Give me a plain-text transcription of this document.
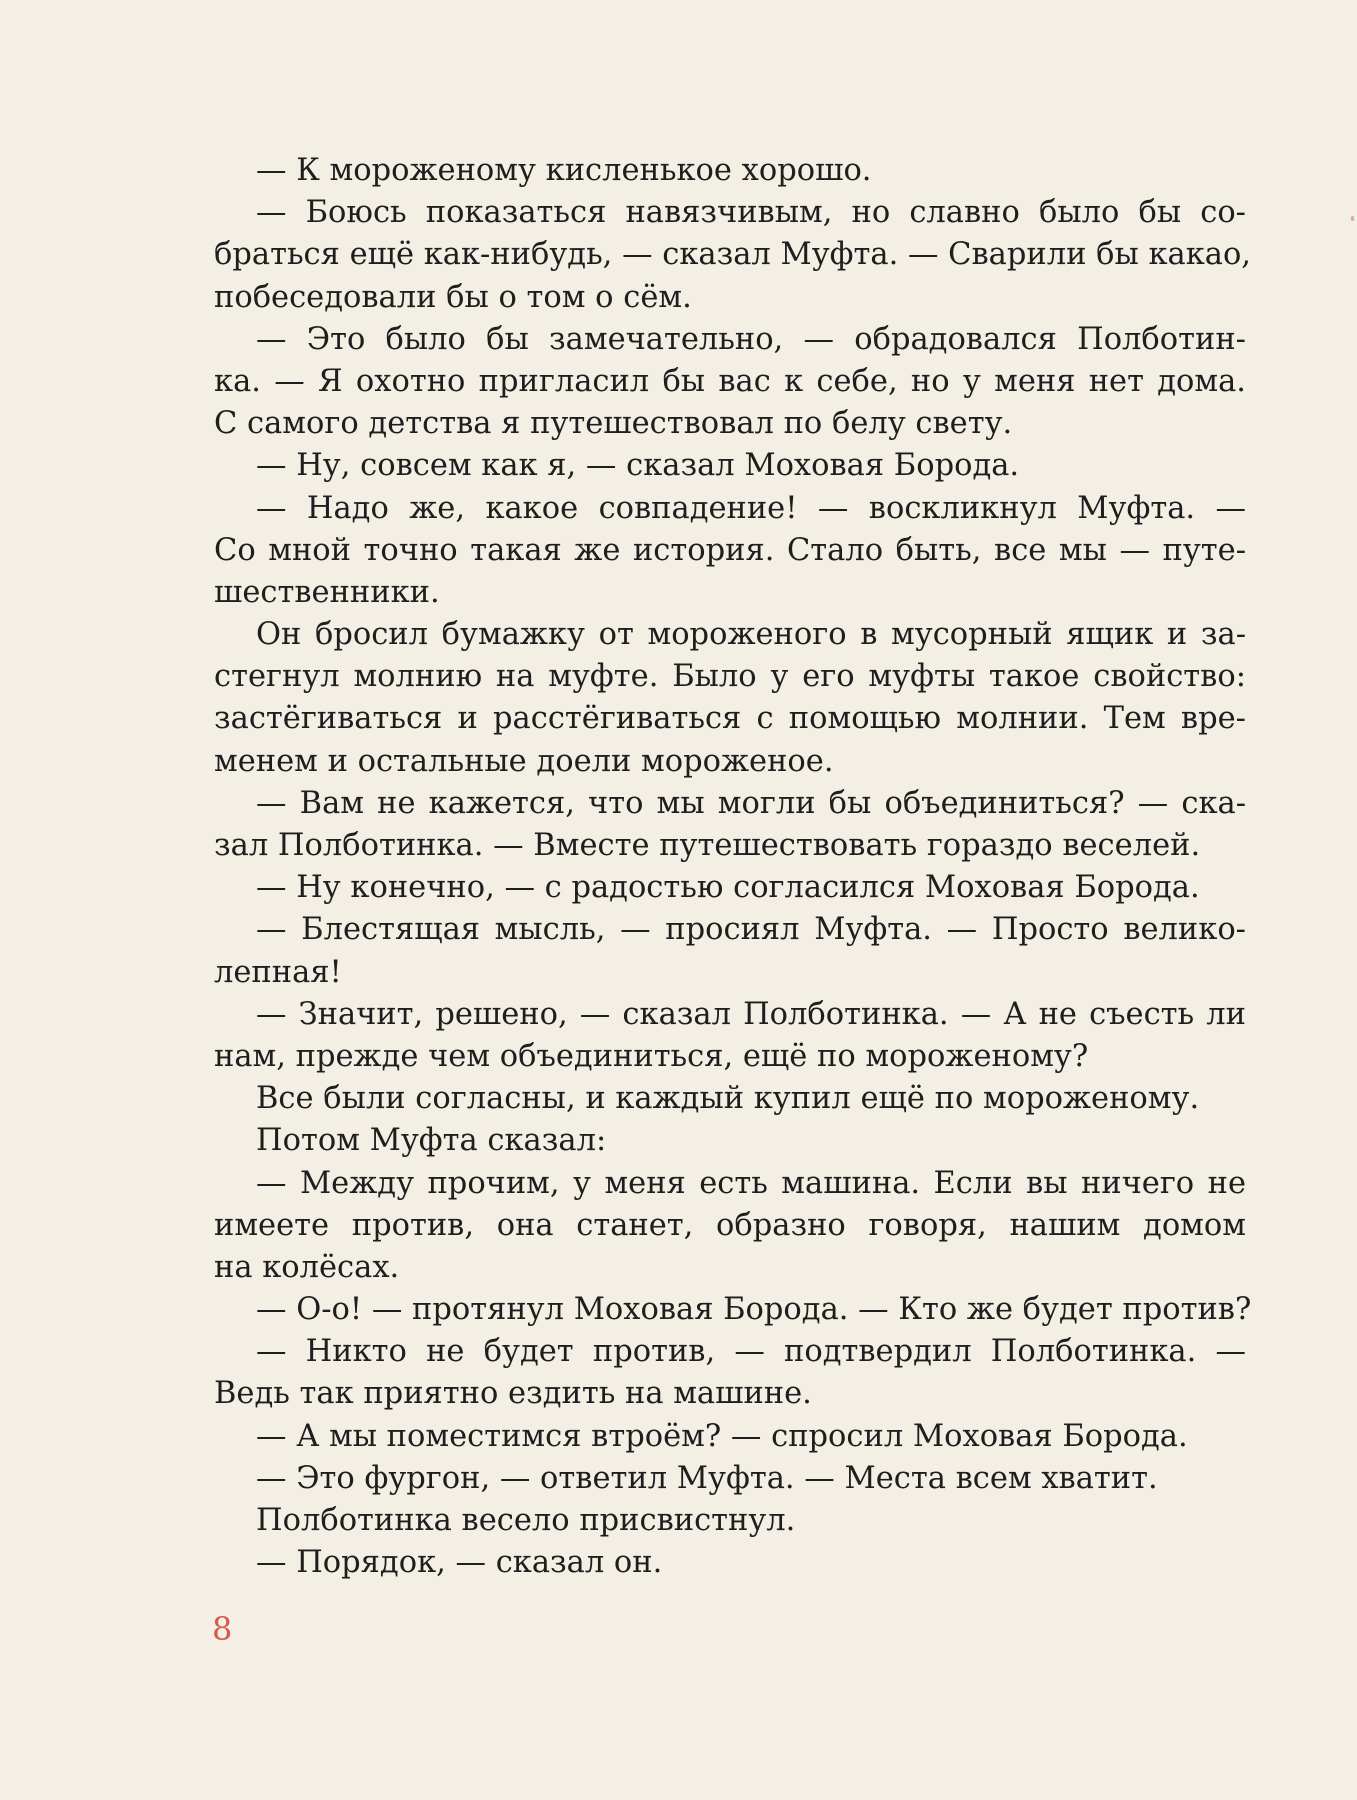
— К мороженому кисленькое хорошо.
— Боюсь показаться навязчивым, но славно было бы со-
браться ещё как-нибудь, — сказал Муфта. — Сварили бы какао,
побеседовали бы о том о сём.
— Это было бы замечательно, — обрадовался Полботин-
ка. — Я охотно пригласил бы вас к себе, но у меня нет дома.
С самого детства я путешествовал по белу свету.
— Ну, совсем как я, — сказал Моховая Борода.
— Надо же, какое совпадение! — воскликнул Муфта. —
Со мной точно такая же история. Стало быть, все мы — путе-
шественники.
Он бросил бумажку от мороженого в мусорный ящик и за-
стегнул молнию на муфте. Было у его муфты такое свойство:
застёгиваться и расстёгиваться с помощью молнии. Тем вре-
менем и остальные доели мороженое.
— Вам не кажется, что мы могли бы объединиться? — ска-
зал Полботинка. — Вместе путешествовать гораздо веселей.
— Ну конечно, — с радостью согласился Моховая Борода.
— Блестящая мысль, — просиял Муфта. — Просто велико-
лепная!
— Значит, решено, — сказал Полботинка. — А не съесть ли
нам, прежде чем объединиться, ещё по мороженому?
Все были согласны, и каждый купил ещё по мороженому.
Потом Муфта сказал:
— Между прочим, у меня есть машина. Если вы ничего не
имеете против, она станет, образно говоря, нашим домом
на колёсах.
— О-о! — протянул Моховая Борода. — Кто же будет против?
— Никто не будет против, — подтвердил Полботинка. —
Ведь так приятно ездить на машине.
— А мы поместимся втроём? — спросил Моховая Борода.
— Это фургон, — ответил Муфта. — Места всем хватит.
Полботинка весело присвистнул.
— Порядок, — сказал он.
8
